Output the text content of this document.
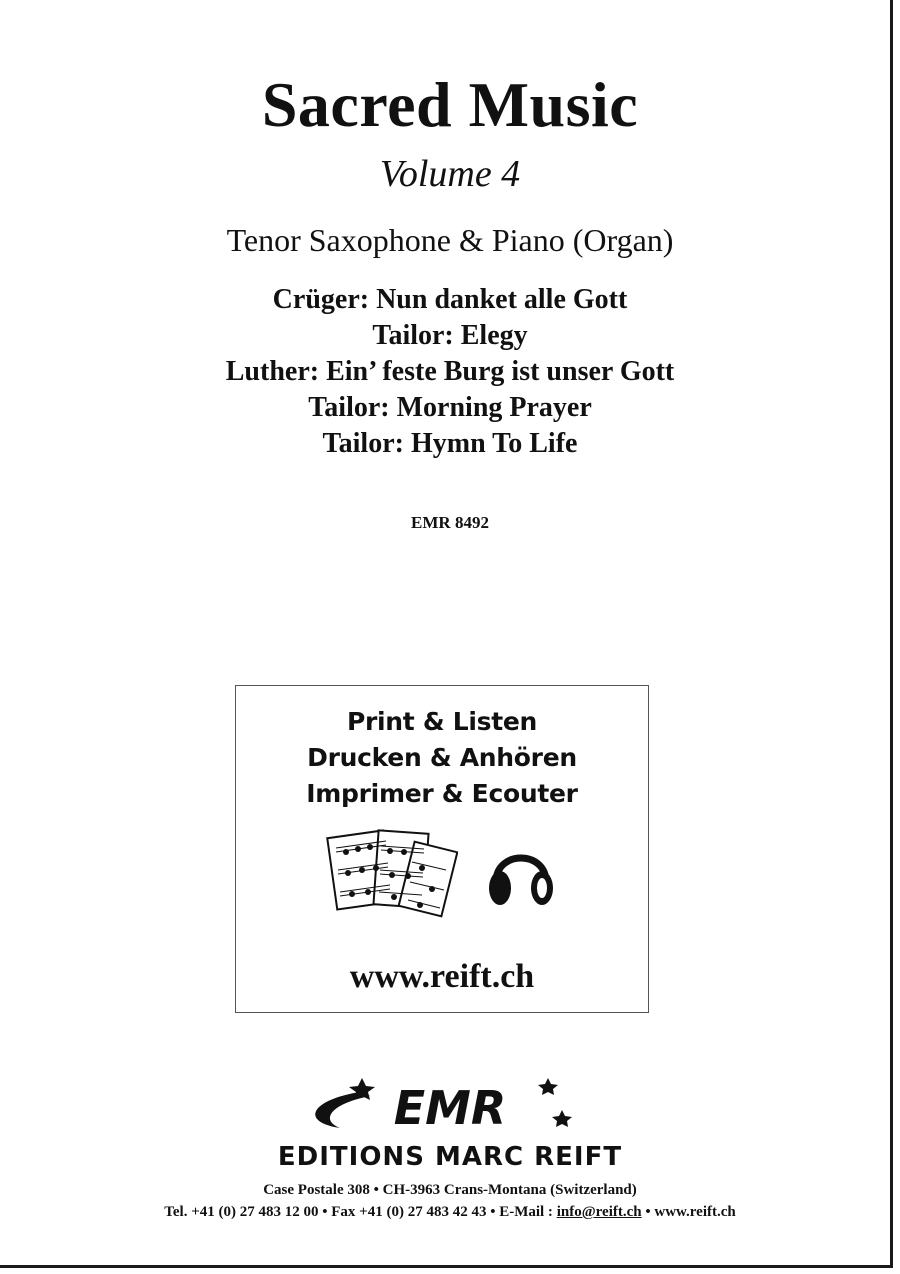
Sacred Music
Volume 4
Tenor Saxophone & Piano (Organ)
Crüger: Nun danket alle Gott
Tailor: Elegy
Luther: Ein’ feste Burg ist unser Gott
Tailor: Morning Prayer
Tailor: Hymn To Life
EMR 8492
Print & Listen
Drucken & Anhören
Imprimer & Ecouter
www.reift.ch
EMR
EDITIONS MARC REIFT
Case Postale 308 • CH-3963 Crans-Montana (Switzerland)
Tel. +41 (0) 27 483 12 00 • Fax +41 (0) 27 483 42 43 • E-Mail : info@reift.ch • www.reift.ch
